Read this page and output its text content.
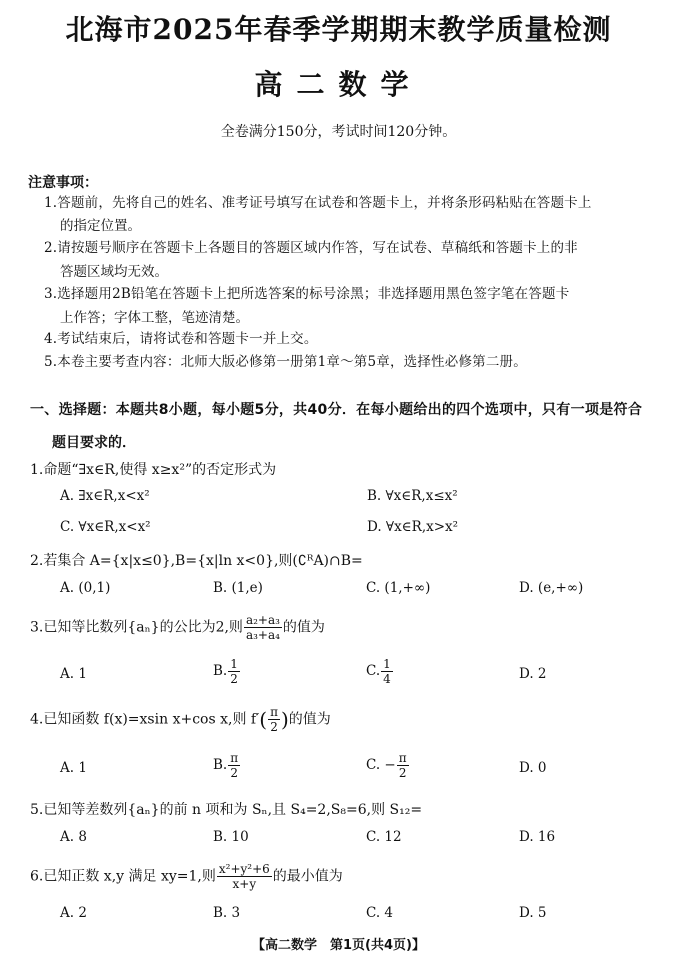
北海市2025年春季学期期末教学质量检测
高二数学
全卷满分150分，考试时间120分钟。
注意事项：
1.答题前，先将自己的姓名、准考证号填写在试卷和答题卡上，并将条形码粘贴在答题卡上
的指定位置。
2.请按题号顺序在答题卡上各题目的答题区域内作答，写在试卷、草稿纸和答题卡上的非
答题区域均无效。
3.选择题用2B铅笔在答题卡上把所选答案的标号涂黑；非选择题用黑色签字笔在答题卡
上作答；字体工整，笔迹清楚。
4.考试结束后，请将试卷和答题卡一并上交。
5.本卷主要考查内容：北师大版必修第一册第1章～第5章，选择性必修第二册。
一、选择题：本题共8小题，每小题5分，共40分．在每小题给出的四个选项中，只有一项是符合
题目要求的．
1.命题“∃x∈R,使得 x≥x²”的否定形式为
A. ∃x∈R,x<x²	B. ∀x∈R,x≤x²
C. ∀x∈R,x<x²	D. ∀x∈R,x>x²
2.若集合 A={x|x≤0},B={x|ln x<0},则(∁ᴿA)∩B=
A. (0,1)	B. (1,e)	C. (1,+∞)	D. (e,+∞)
3.已知等比数列{aₙ}的公比为2,则 $\frac{\text{a₂+a₃}}{\text{a₃+a₄}}$ 的值为
A. 1	B. $\frac{1}{2}$	C. $\frac{1}{4}$	D. 2
4.已知函数 f(x)=xsin x+cos x,则 $f'( \frac{\pi}{2}$ )的值为
A. 1	B. $\frac{\pi}{2}$	C. − $\frac{\pi}{2}$	D. 0
5.已知等差数列{aₙ}的前 n 项和为 Sₙ,且 S₄=2,S₈=6,则 S₁₂=
A. 8	B. 10	C. 12	D. 16
6.已知正数 x,y 满足 xy=1,则 $\frac{\text{x²+y²+6}}{x+y}$ 的最小值为
A. 2	B. 3	C. 4	D. 5
【高二数学　第1页(共4页)】
